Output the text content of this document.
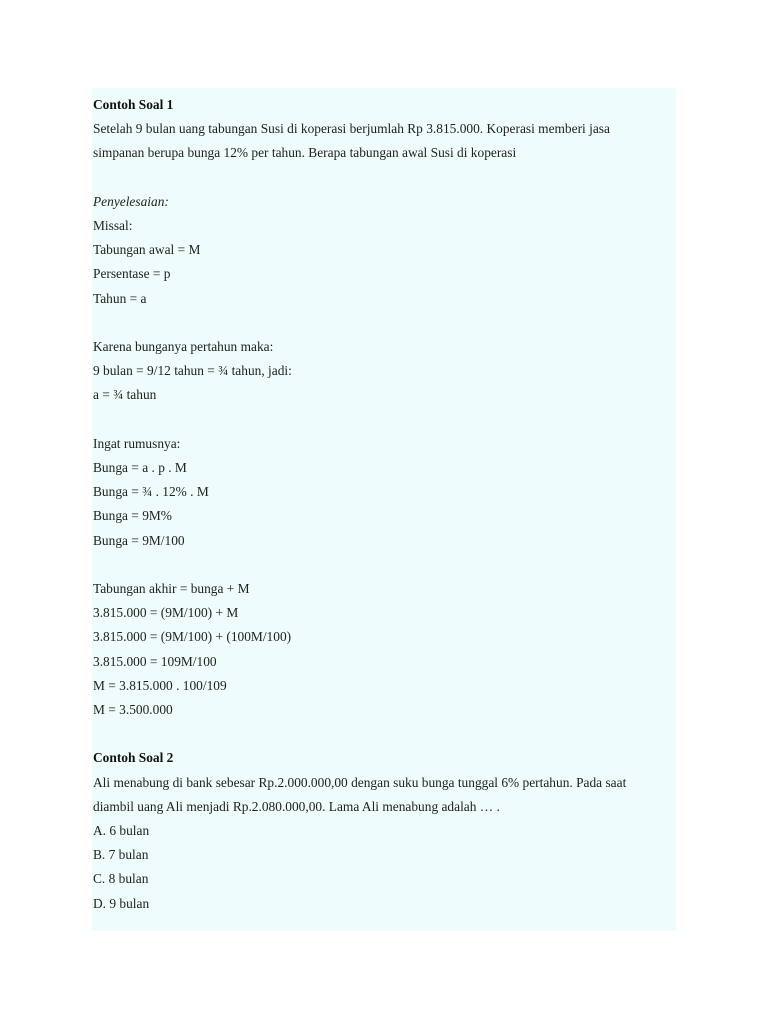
Contoh Soal 1
Setelah 9 bulan uang tabungan Susi di koperasi berjumlah Rp 3.815.000. Koperasi memberi jasa
simpanan berupa bunga 12% per tahun. Berapa tabungan awal Susi di koperasi
Penyelesaian:
Missal:
Tabungan awal = M
Persentase = p
Tahun = a
Karena bunganya pertahun maka:
9 bulan = 9/12 tahun = ¾ tahun, jadi:
a = ¾ tahun
Ingat rumusnya:
Bunga = a . p . M
Bunga = ¾ . 12% . M
Bunga = 9M%
Bunga = 9M/100
Tabungan akhir = bunga + M
3.815.000 = (9M/100) + M
3.815.000 = (9M/100) + (100M/100)
3.815.000 = 109M/100
M = 3.815.000 . 100/109
M = 3.500.000
Contoh Soal 2
Ali menabung di bank sebesar Rp.2.000.000,00 dengan suku bunga tunggal 6% pertahun. Pada saat
diambil uang Ali menjadi Rp.2.080.000,00. Lama Ali menabung adalah … .
A. 6 bulan
B. 7 bulan
C. 8 bulan
D. 9 bulan
